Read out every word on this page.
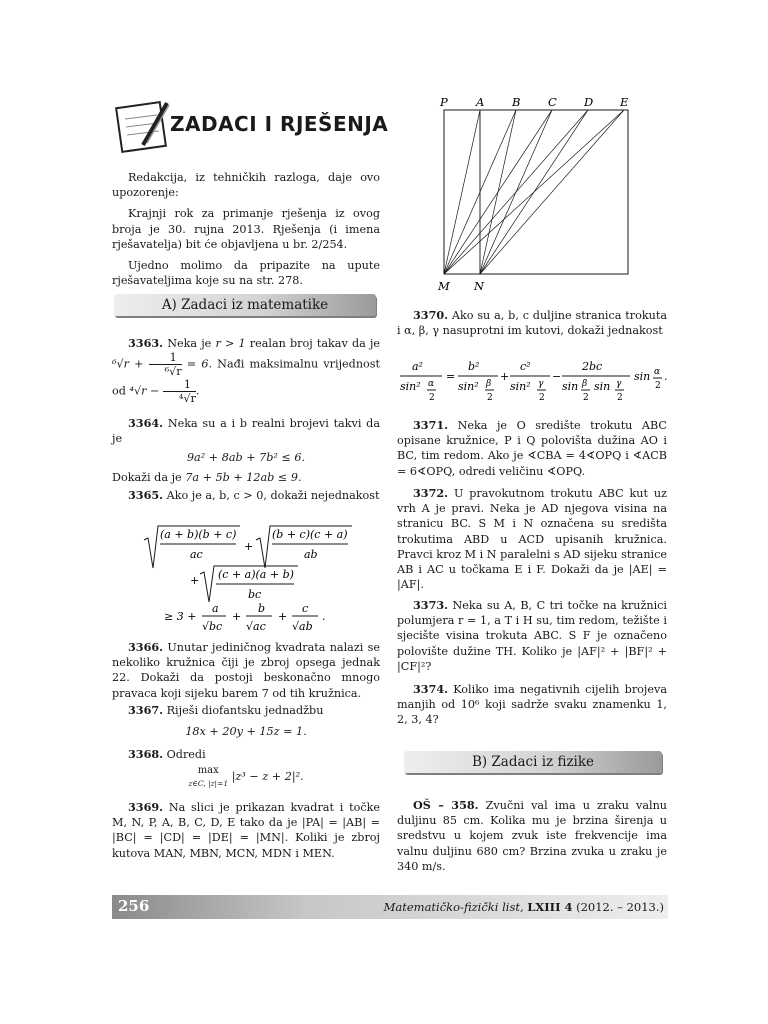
ZADACI I RJEŠENJA

Redakcija, iz tehničkih razloga, daje ovo upozorenje:

Krajnji rok za primanje rješenja iz ovog broja je 30. rujna 2013. Rješenja (i imena rješavatelja) bit će objavljena u br. 2/254.

Ujedno molimo da pripazite na upute rješavateljima koje su na str. 278.

A) Zadaci iz matematike

3363. Neka je r > 1 realan broj takav da je $^6√r + \frac{1}{\text{⁶√r}} = 6$. Nađi maksimalnu vrijednost od $^4√r - \frac{1}{\text{⁴√r}}$ .

3364. Neka su a i b realni brojevi takvi da je

9a² + 8ab + 7b² ≤ 6.

Dokaži da je 7a + 5b + 12ab ≤ 9.

3365. Ako je a, b, c > 0, dokaži nejednakost

(a + b)(b + c)
ac
+
(b + c)(c + a)
ab
+ (c + a)(a + b)
bc
≥ 3 +
a
√bc
+
b
√ac
+
c
√ab
.

3366. Unutar jediničnog kvadrata nalazi se nekoliko kružnica čiji je zbroj opsega jednak 22. Dokaži da postoji beskonačno mnogo pravaca koji sijeku barem 7 od tih kružnica.

3367. Riješi diofantsku jednadžbu

18x + 20y + 15z = 1.

3368. Odredi

max
z∈C, |z|=1
|z³ − z + 2|².

3369. Na slici je prikazan kvadrat i točke M, N, P, A, B, C, D, E tako da je |PA| = |AB| = |BC| = |CD| = |DE| = |MN|. Koliki je zbroj kutova MAN, MBN, MCN, MDN i MEN.

P A B C D E
M N

3370. Ako su a, b, c duljine stranica trokuta i α, β, γ nasuprotni im kutovi, dokaži jednakost

a²
sin² α
2
=
b²
sin² β
2
+
c²
sin² γ
2
−
2bc
sin β
2
sin γ
2
sin α
2
.

3371. Neka je O središte trokutu ABC opisane kružnice, P i Q polovišta dužina AO i BC, tim redom. Ako je ∢CBA = 4∢OPQ i ∢ACB = 6∢OPQ, odredi veličinu ∢OPQ.

3372. U pravokutnom trokutu ABC kut uz vrh A je pravi. Neka je AD njegova visina na stranicu BC. S M i N označena su središta trokutima ABD u ACD upisanih kružnica. Pravci kroz M i N paralelni s AD sijeku stranice AB i AC u točkama E i F. Dokaži da je |AE| = |AF|.

3373. Neka su A, B, C tri točke na kružnici polumjera r = 1, a T i H su, tim redom, težište i sjecište visina trokuta ABC. S F je označeno polovište dužine TH. Koliko je |AF|² + |BF|² + |CF|²?

3374. Koliko ima negativnih cijelih brojeva manjih od 10⁶ koji sadrže svaku znamenku 1, 2, 3, 4?

B) Zadaci iz fizike

OŠ – 358. Zvučni val ima u zraku valnu duljinu 85 cm. Kolika mu je brzina širenja u sredstvu u kojem zvuk iste frekvencije ima valnu duljinu 680 cm? Brzina zvuka u zraku je 340 m/s.

256	Matematičko-fizički list, LXIII 4 (2012. – 2013.)
